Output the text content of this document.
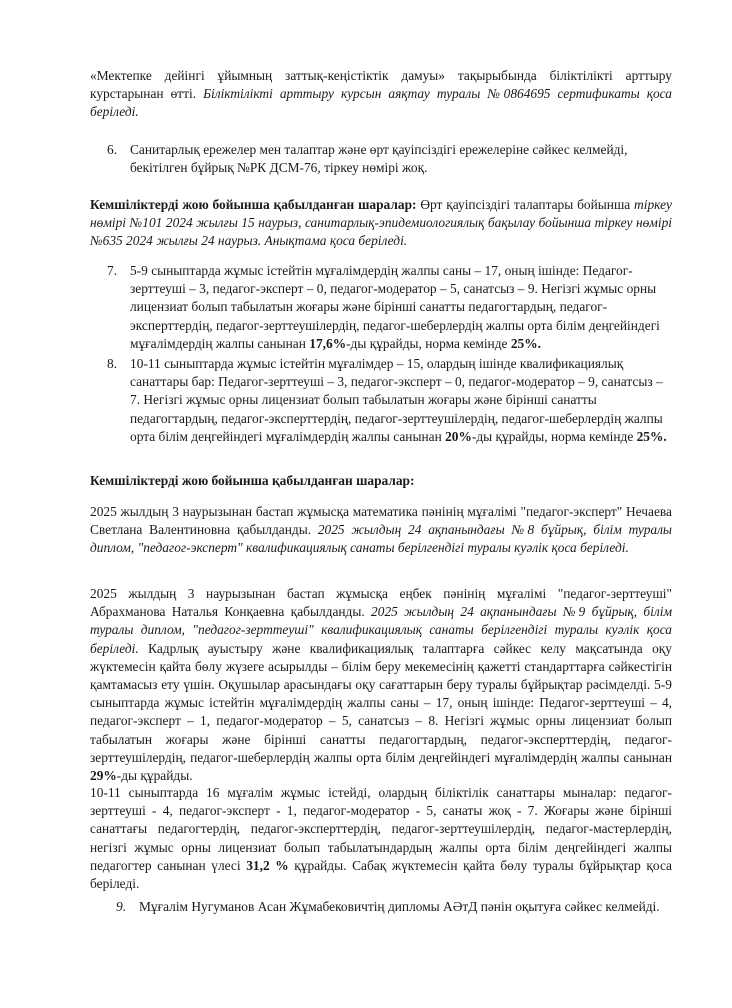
«Мектепке дейінгі ұйымның заттық-кеңістіктік дамуы» тақырыбында біліктілікті арттыру курстарынан өтті. Біліктілікті арттыру курсын аяқтау туралы №0864695 сертификаты қоса беріледі.

6. Санитарлық ережелер мен талаптар және өрт қауіпсіздігі ережелеріне сәйкес келмейді, бекітілген бұйрық №РК ДСМ-76, тіркеу нөмірі жоқ.

Кемшіліктерді жою бойынша қабылданған шаралар: Өрт қауіпсіздігі талаптары бойынша тіркеу нөмірі №101 2024 жылғы 15 наурыз, санитарлық-эпидемиологиялық бақылау бойынша тіркеу нөмірі №635 2024 жылғы 24 наурыз. Анықтама қоса беріледі.

7. 5-9 сыныптарда жұмыс істейтін мұғалімдердің жалпы саны – 17, оның ішінде: Педагог-зерттеуші – 3, педагог-эксперт – 0, педагог-модератор – 5, санатсыз – 9. Негізгі жұмыс орны лицензиат болып табылатын жоғары және бірінші санатты педагогтардың, педагог-эксперттердің, педагог-зерттеушілердің, педагог-шеберлердің жалпы орта білім деңгейіндегі мұғалімдердің жалпы санынан 17,6%-ды құрайды, норма кемінде 25%.

8. 10-11 сыныптарда жұмыс істейтін мұғалімдер – 15, олардың ішінде квалификациялық санаттары бар: Педагог-зерттеуші – 3, педагог-эксперт – 0, педагог-модератор – 9, санатсыз – 7. Негізгі жұмыс орны лицензиат болып табылатын жоғары және бірінші санатты педагогтардың, педагог-эксперттердің, педагог-зерттеушілердің, педагог-шеберлердің жалпы орта білім деңгейіндегі мұғалімдердің жалпы санынан 20%-ды құрайды, норма кемінде 25%.

Кемшіліктерді жою бойынша қабылданған шаралар:

2025 жылдың 3 наурызынан бастап жұмысқа математика пәнінің мұғалімі "педагог-эксперт" Нечаева Светлана Валентиновна қабылданды. 2025 жылдың 24 ақпанындағы №8 бұйрық, білім туралы диплом, "педагог-эксперт" квалификациялық санаты берілгендігі туралы куәлік қоса беріледі.

2025 жылдың 3 наурызынан бастап жұмысқа еңбек пәнінің мұғалімі "педагог-зерттеуші" Абрахманова Наталья Конқаевна қабылданды. 2025 жылдың 24 ақпанындағы №9 бұйрық, білім туралы диплом, "педагог-зерттеуші" квалификациялық санаты берілгендігі туралы куәлік қоса беріледі. Кадрлық ауыстыру және квалификациялық талаптарға сәйкес келу мақсатында оқу жүктемесін қайта бөлу жүзеге асырылды – білім беру мекемесінің қажетті стандарттарға сәйкестігін қамтамасыз ету үшін. Оқушылар арасындағы оқу сағаттарын беру туралы бұйрықтар рәсімделді. 5-9 сыныптарда жұмыс істейтін мұғалімдердің жалпы саны – 17, оның ішінде: Педагог-зерттеуші – 4, педагог-эксперт – 1, педагог-модератор – 5, санатсыз – 8. Негізгі жұмыс орны лицензиат болып табылатын жоғары және бірінші санатты педагогтардың, педагог-эксперттердің, педагог-зерттеушілердің, педагог-шеберлердің жалпы орта білім деңгейіндегі мұғалімдердің жалпы санынан 29%-ды құрайды.

10-11 сыныптарда 16 мұғалім жұмыс істейді, олардың біліктілік санаттары мыналар: педагог-зерттеуші - 4, педагог-эксперт - 1, педагог-модератор - 5, санаты жоқ - 7. Жоғары және бірінші санаттағы педагогтердің, педагог-эксперттердің, педагог-зерттеушілердің, педагог-мастерлердің, негізгі жұмыс орны лицензиат болып табылатындардың жалпы орта білім деңгейіндегі жалпы педагогтер санынан үлесі 31,2 % құрайды. Сабақ жүктемесін қайта бөлу туралы бұйрықтар қоса беріледі.

9. Мұғалім Нугуманов Асан Жұмабековичтің дипломы АӘтД пәнін оқытуға сәйкес келмейді.
